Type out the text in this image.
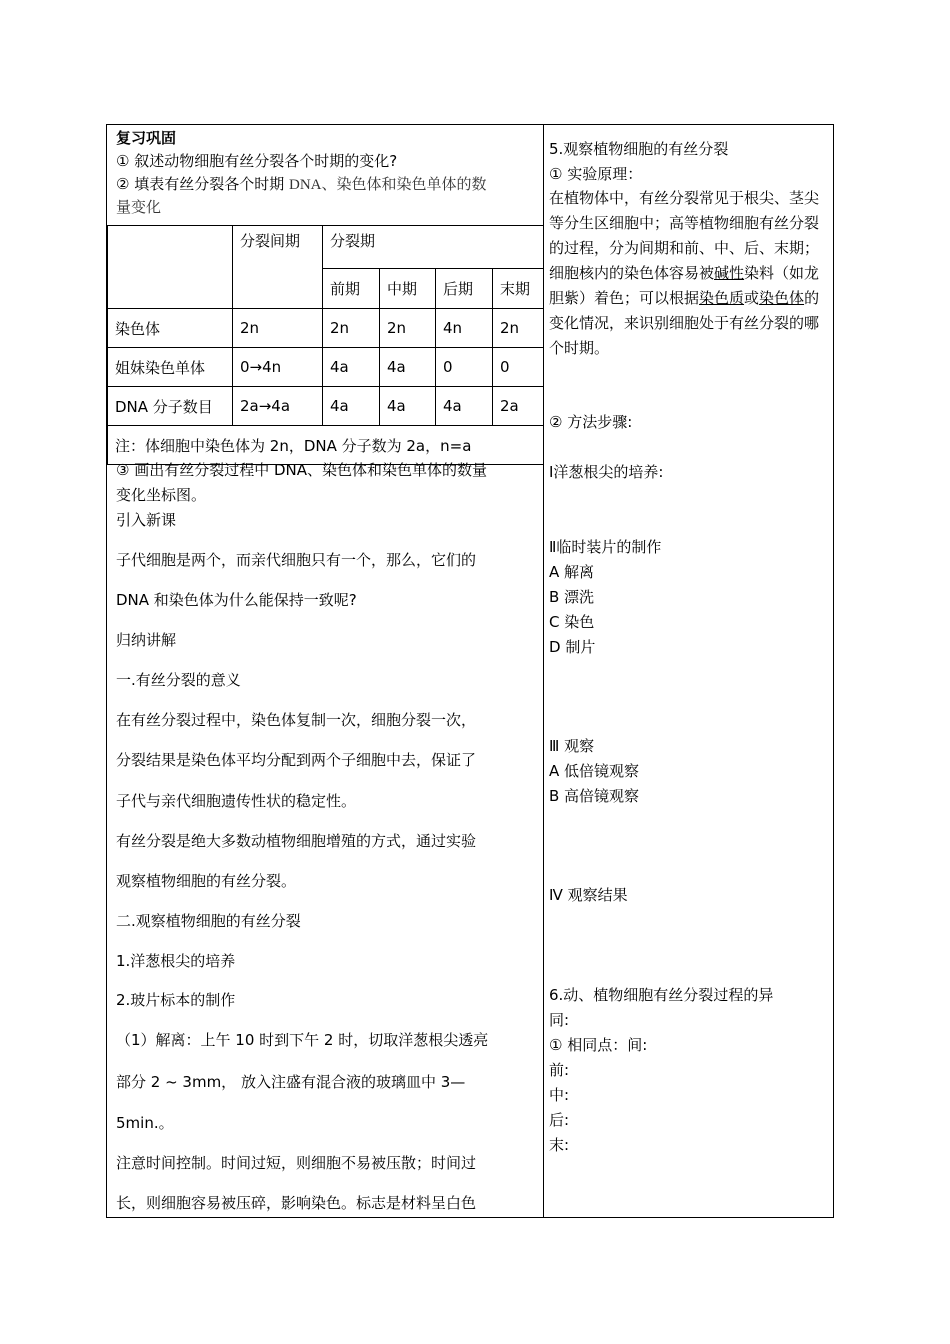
复习巩固
① 叙述动物细胞有丝分裂各个时期的变化?
② 填表有丝分裂各个时期 DNA、染色体和染色单体的数
量变化
	分裂间期	分裂期			
		前期	中期	后期	末期
染色体	2n	2n	2n	4n	2n
姐妹染色单体	0→4n	4a	4a	0	0
DNA 分子数目	2a→4a	4a	4a	4a	2a
注：体细胞中染色体为 2n，DNA 分子数为 2a，n=a					
③ 画出有丝分裂过程中 DNA、染色体和染色单体的数量
变化坐标图。
引入新课
子代细胞是两个，而亲代细胞只有一个，那么，它们的
DNA 和染色体为什么能保持一致呢?
归纳讲解
一.有丝分裂的意义
在有丝分裂过程中，染色体复制一次，细胞分裂一次，
分裂结果是染色体平均分配到两个子细胞中去，保证了
子代与亲代细胞遗传性状的稳定性。
有丝分裂是绝大多数动植物细胞增殖的方式，通过实验
观察植物细胞的有丝分裂。
二.观察植物细胞的有丝分裂
1.洋葱根尖的培养
2.玻片标本的制作
（1）解离：上午 10 时到下午 2 时，切取洋葱根尖透亮
部分 2 ~ 3mm， 放入注盛有混合液的玻璃皿中 3—
5min.。
注意时间控制。时间过短，则细胞不易被压散；时间过
长，则细胞容易被压碎，影响染色。标志是材料呈白色
5.观察植物细胞的有丝分裂
① 实验原理：
在植物体中，有丝分裂常见于根尖、茎尖等分生区细胞中；高等植物细胞有丝分裂的过程，分为间期和前、中、后、末期；细胞核内的染色体容易被碱性染料（如龙胆紫）着色；可以根据染色质或染色体的变化情况，来识别细胞处于有丝分裂的哪个时期。
② 方法步骤:
Ⅰ洋葱根尖的培养:
Ⅱ临时装片的制作
A 解离
B 漂洗
C 染色
D 制片
Ⅲ 观察
A 低倍镜观察
B 高倍镜观察
Ⅳ 观察结果
6.动、植物细胞有丝分裂过程的异
同:
① 相同点：间:
前:
中:
后:
末:
